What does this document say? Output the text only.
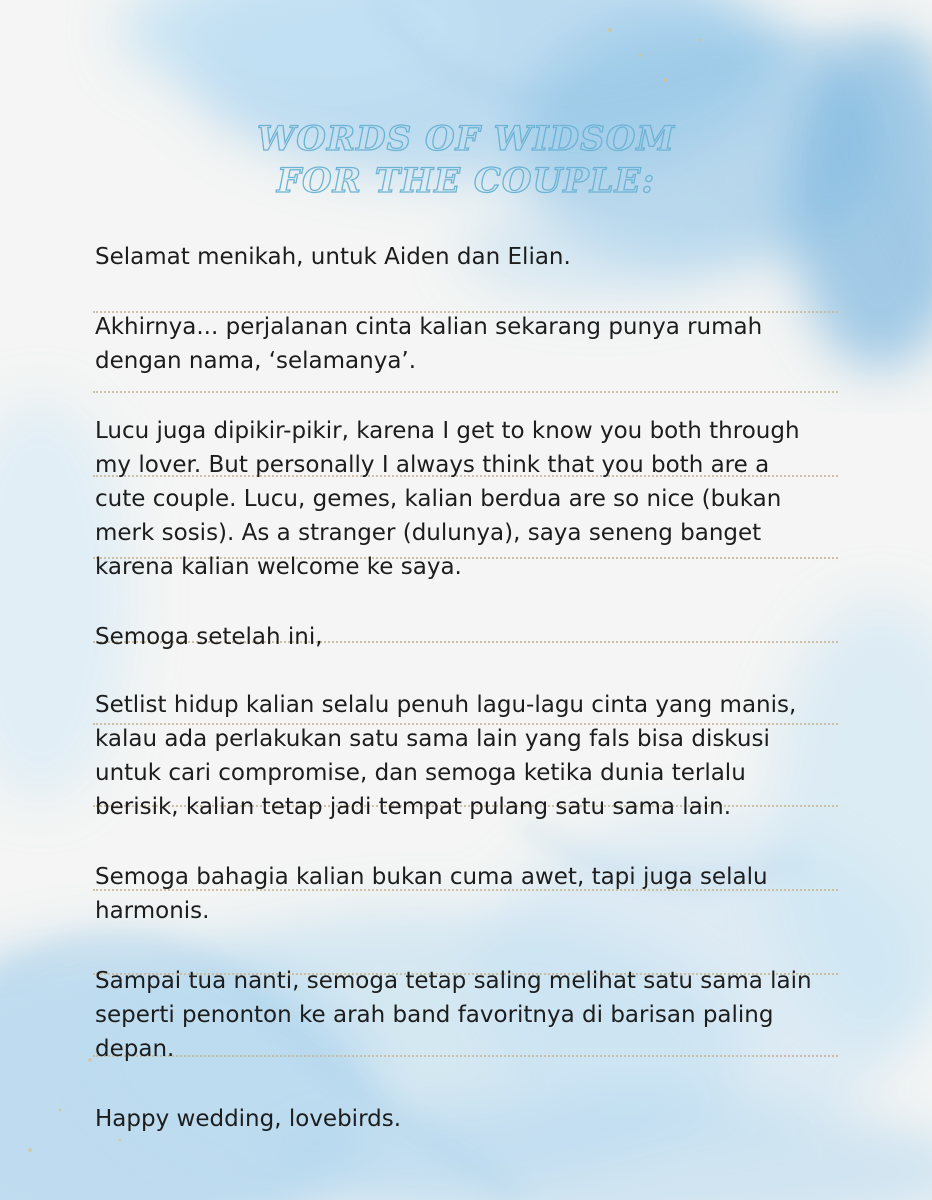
WORDS OF WIDSOM
FOR THE COUPLE:
Selamat menikah, untuk Aiden dan Elian.
Akhirnya... perjalanan cinta kalian sekarang punya rumah
dengan nama, ‘selamanya’.
Lucu juga dipikir-pikir, karena I get to know you both through
my lover. But personally I always think that you both are a
cute couple. Lucu, gemes, kalian berdua are so nice (bukan
merk sosis). As a stranger (dulunya), saya seneng banget
karena kalian welcome ke saya.
Semoga setelah ini,
Setlist hidup kalian selalu penuh lagu-lagu cinta yang manis,
kalau ada perlakukan satu sama lain yang fals bisa diskusi
untuk cari compromise, dan semoga ketika dunia terlalu
berisik, kalian tetap jadi tempat pulang satu sama lain.
Semoga bahagia kalian bukan cuma awet, tapi juga selalu
harmonis.
Sampai tua nanti, semoga tetap saling melihat satu sama lain
seperti penonton ke arah band favoritnya di barisan paling
depan.
Happy wedding, lovebirds.
